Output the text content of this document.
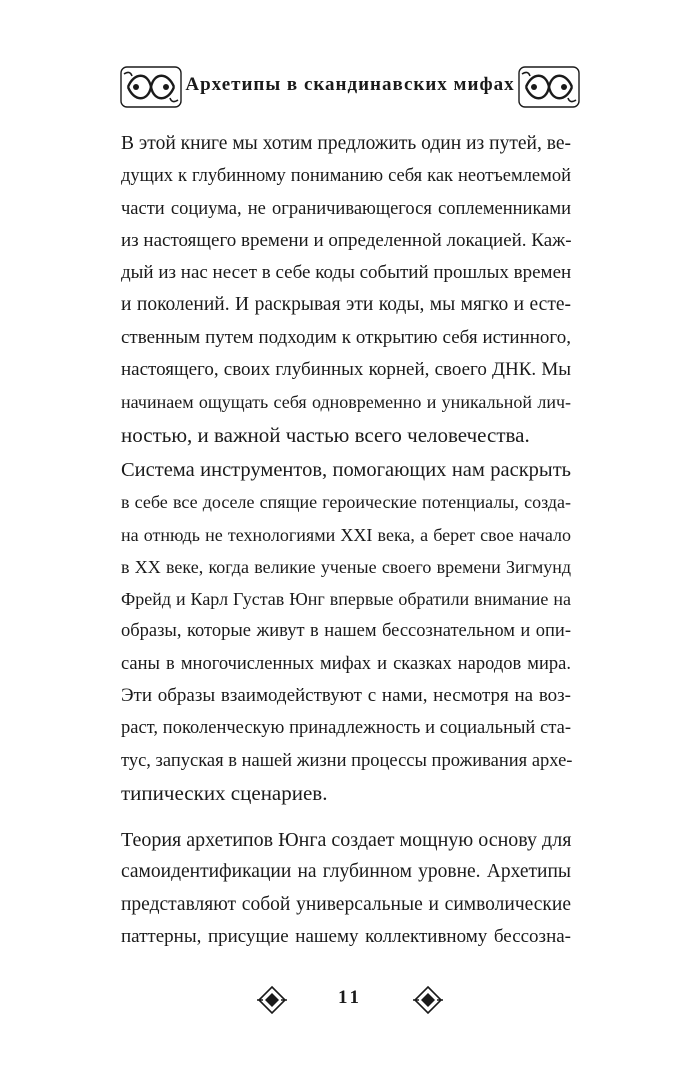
Архетипы в скандинавских мифах
В этой книге мы хотим предложить один из путей, ве-
дущих к глубинному пониманию себя как неотъемлемой
части социума, не ограничивающегося соплеменниками
из настоящего времени и определенной локацией. Каж-
дый из нас несет в себе коды событий прошлых времен
и поколений. И раскрывая эти коды, мы мягко и есте-
ственным путем подходим к открытию себя истинного,
настоящего, своих глубинных корней, своего ДНК. Мы
начинаем ощущать себя одновременно и уникальной лич-
ностью, и важной частью всего человечества.
Система инструментов, помогающих нам раскрыть
в себе все доселе спящие героические потенциалы, созда-
на отнюдь не технологиями XXI века, а берет свое начало
в XX веке, когда великие ученые своего времени Зигмунд
Фрейд и Карл Густав Юнг впервые обратили внимание на
образы, которые живут в нашем бессознательном и опи-
саны в многочисленных мифах и сказках народов мира.
Эти образы взаимодействуют с нами, несмотря на воз-
раст, поколенческую принадлежность и социальный ста-
тус, запуская в нашей жизни процессы проживания архе-
типических сценариев.
Теория архетипов Юнга создает мощную основу для
самоидентификации на глубинном уровне. Архетипы
представляют собой универсальные и символические
паттерны, присущие нашему коллективному бессозна-
11
